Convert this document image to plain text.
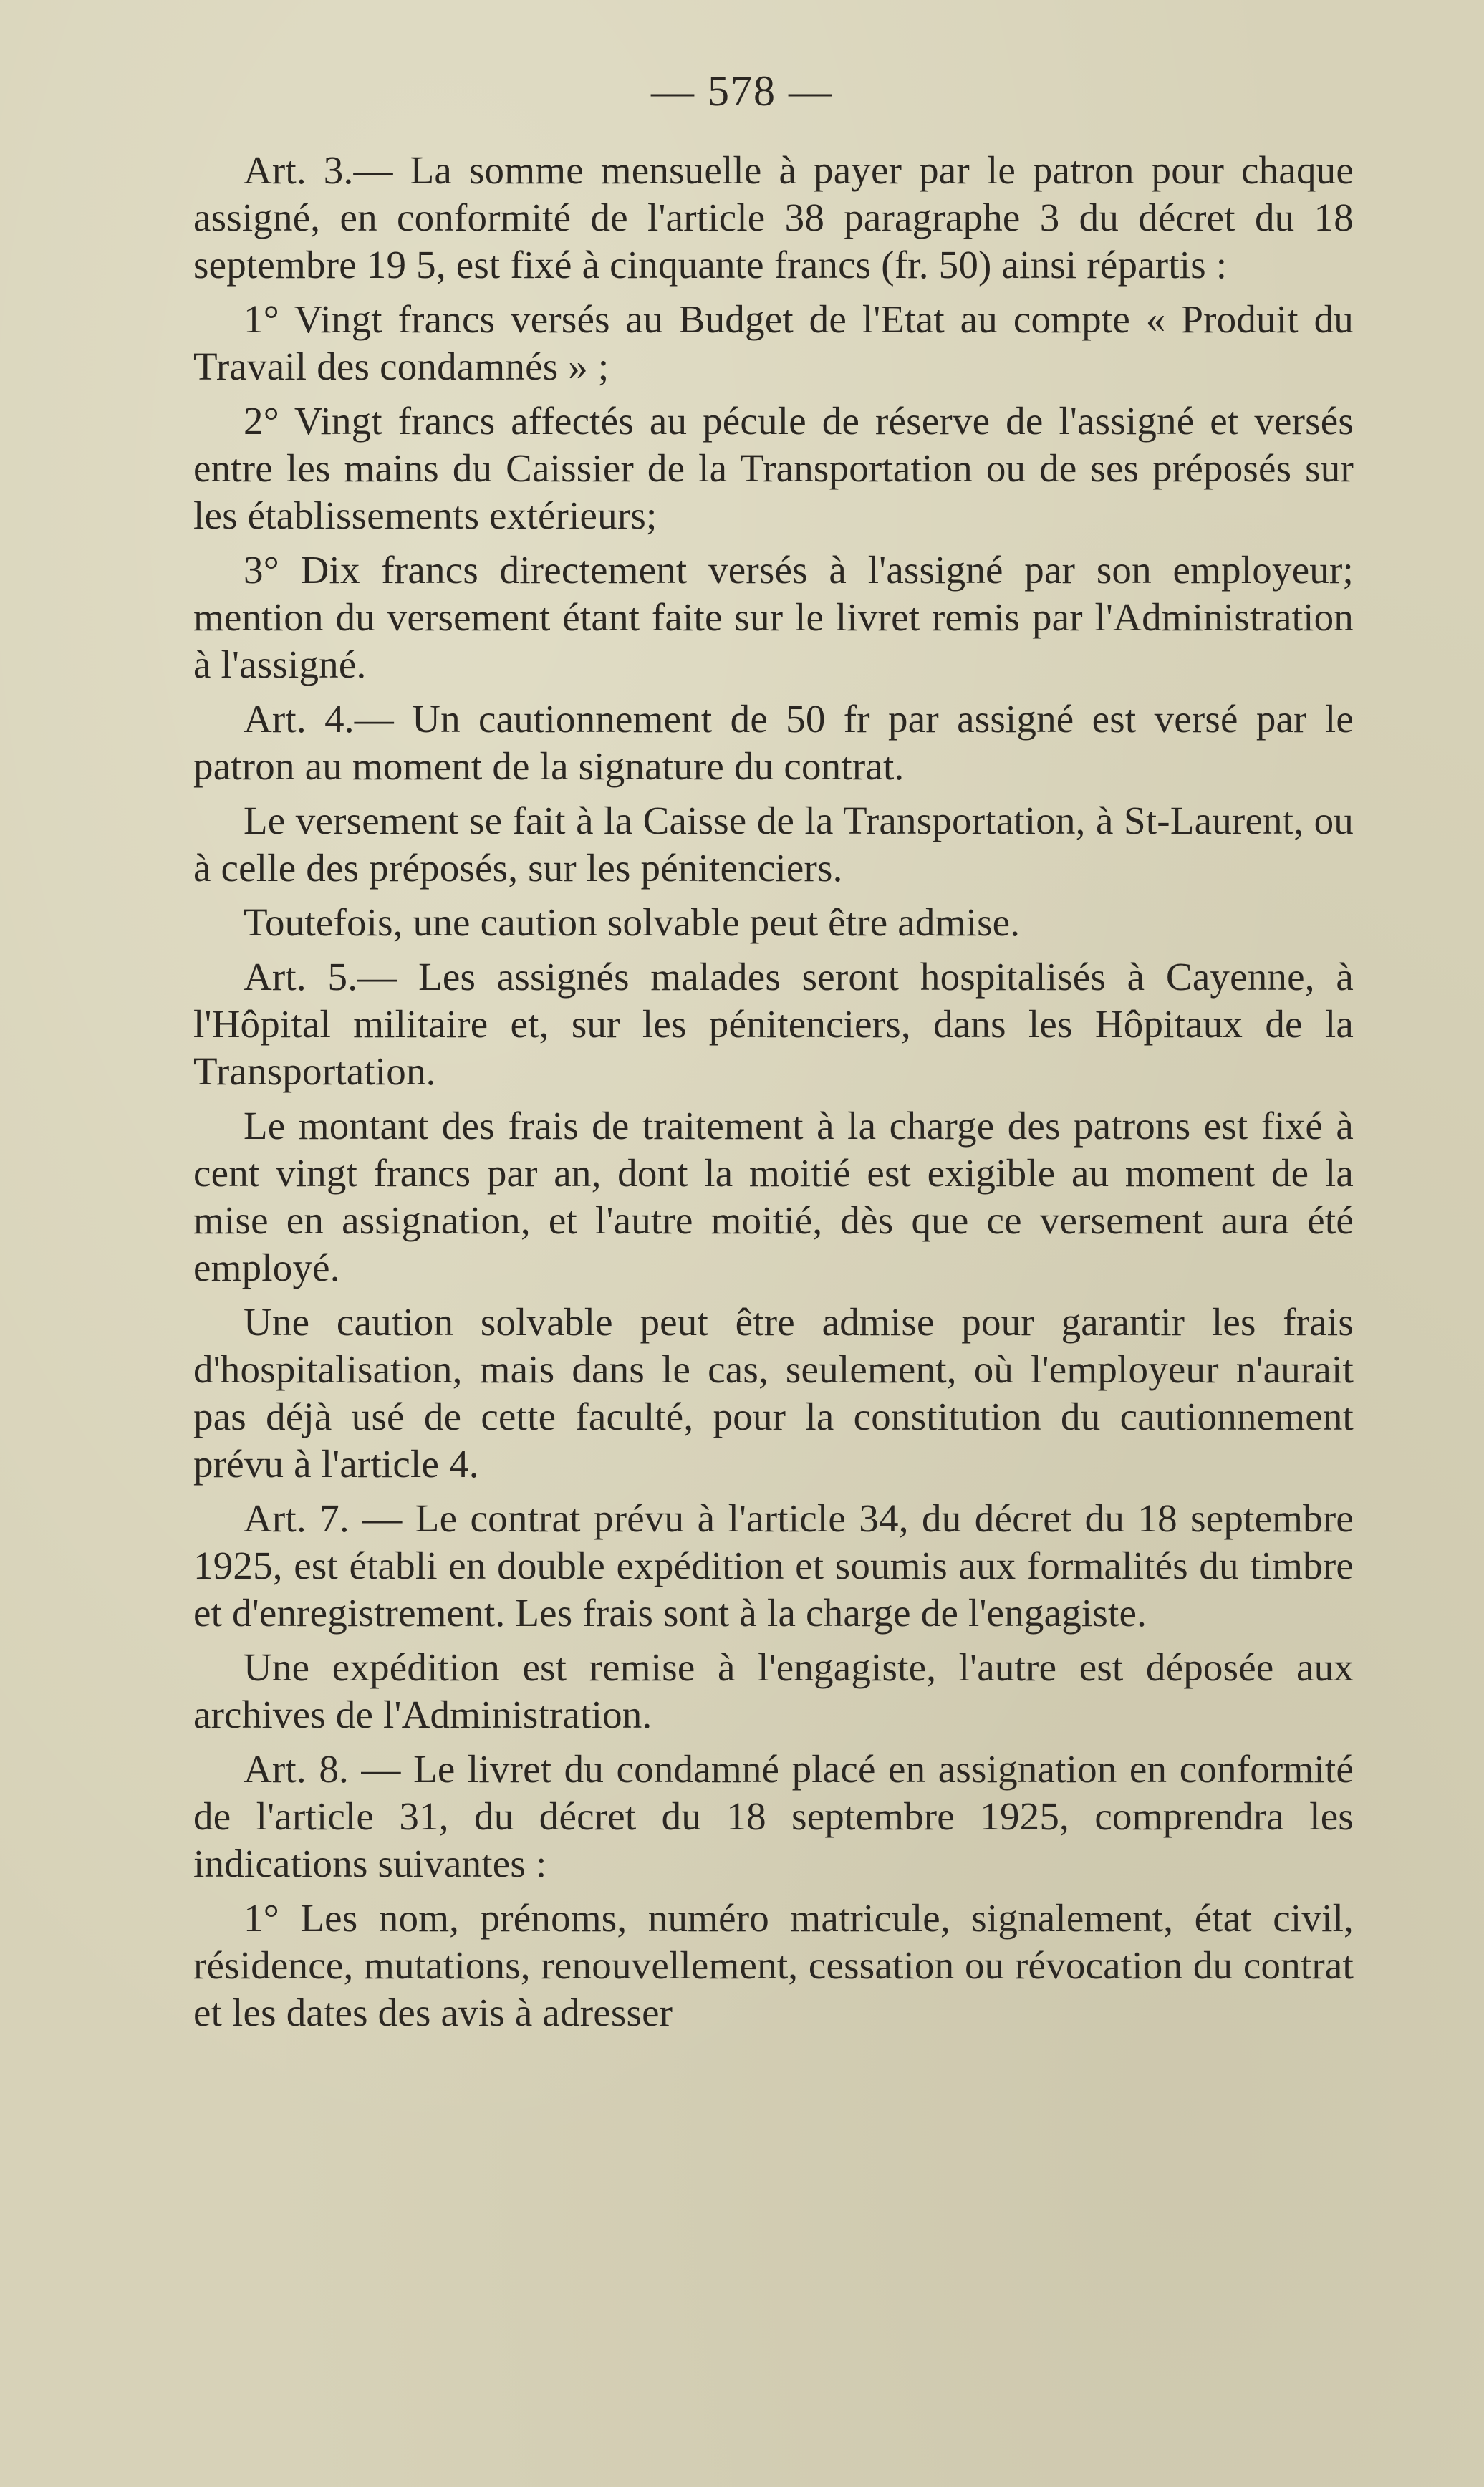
— 578 —

Art. 3.— La somme mensuelle à payer par le patron pour chaque assigné, en conformité de l'article 38 paragraphe 3 du décret du 18 septembre 19 5, est fixé à cinquante francs (fr. 50) ainsi répartis :

1° Vingt francs versés au Budget de l'Etat au compte « Produit du Travail des condamnés » ;

2° Vingt francs affectés au pécule de réserve de l'assigné et versés entre les mains du Caissier de la Transportation ou de ses préposés sur les établissements extérieurs;

3° Dix francs directement versés à l'assigné par son employeur; mention du versement étant faite sur le livret remis par l'Administration à l'assigné.

Art. 4.— Un cautionnement de 50 fr par assigné est versé par le patron au moment de la signature du contrat.

Le versement se fait à la Caisse de la Transportation, à St-Laurent, ou à celle des préposés, sur les pénitenciers.

Toutefois, une caution solvable peut être admise.

Art. 5.— Les assignés malades seront hospitalisés à Cayenne, à l'Hôpital militaire et, sur les pénitenciers, dans les Hôpitaux de la Transportation.

Le montant des frais de traitement à la charge des patrons est fixé à cent vingt francs par an, dont la moitié est exigible au moment de la mise en assignation, et l'autre moitié, dès que ce versement aura été employé.

Une caution solvable peut être admise pour garantir les frais d'hospitalisation, mais dans le cas, seulement, où l'employeur n'aurait pas déjà usé de cette faculté, pour la constitution du cautionnement prévu à l'article 4.

Art. 7. — Le contrat prévu à l'article 34, du décret du 18 septembre 1925, est établi en double expédition et soumis aux formalités du timbre et d'enregistrement. Les frais sont à la charge de l'engagiste.

Une expédition est remise à l'engagiste, l'autre est déposée aux archives de l'Administration.

Art. 8. — Le livret du condamné placé en assignation en conformité de l'article 31, du décret du 18 septembre 1925, comprendra les indications suivantes :

1° Les nom, prénoms, numéro matricule, signalement, état civil, résidence, mutations, renouvellement, cessation ou révocation du contrat et les dates des avis à adresser
